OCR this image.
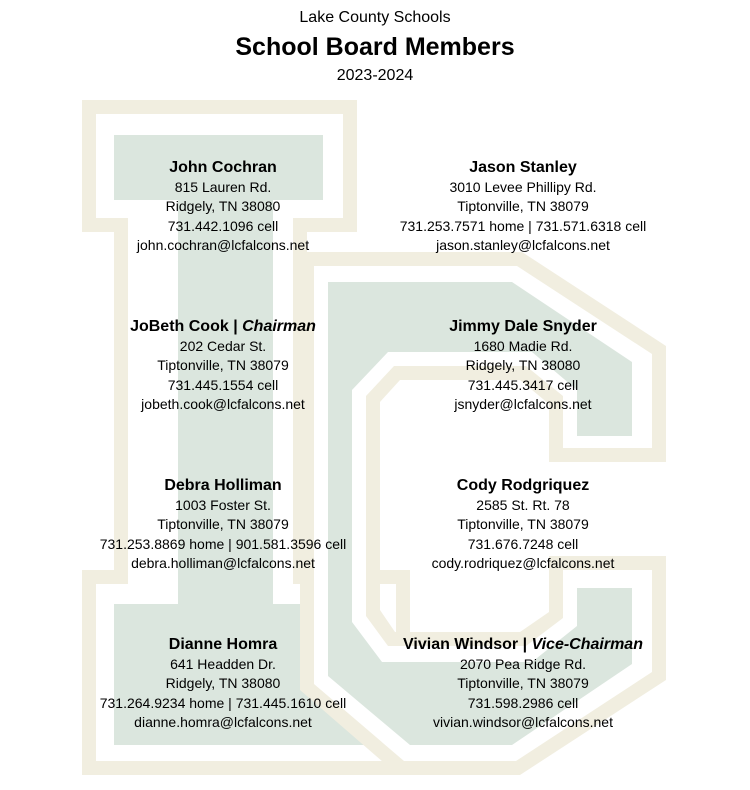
Lake County Schools
School Board Members
2023-2024
John Cochran
815 Lauren Rd.
Ridgely, TN 38080
731.442.1096 cell
john.cochran@lcfalcons.net
Jason Stanley
3010 Levee Phillipy Rd.
Tiptonville, TN 38079
731.253.7571 home | 731.571.6318 cell
jason.stanley@lcfalcons.net
JoBeth Cook | Chairman
202 Cedar St.
Tiptonville, TN 38079
731.445.1554 cell
jobeth.cook@lcfalcons.net
Jimmy Dale Snyder
1680 Madie Rd.
Ridgely, TN 38080
731.445.3417 cell
jsnyder@lcfalcons.net
Debra Holliman
1003 Foster St.
Tiptonville, TN 38079
731.253.8869 home | 901.581.3596 cell
debra.holliman@lcfalcons.net
Cody Rodgriquez
2585 St. Rt. 78
Tiptonville, TN 38079
731.676.7248 cell
cody.rodriquez@lcfalcons.net
Dianne Homra
641 Headden Dr.
Ridgely, TN 38080
731.264.9234 home | 731.445.1610 cell
dianne.homra@lcfalcons.net
Vivian Windsor | Vice-Chairman
2070 Pea Ridge Rd.
Tiptonville, TN 38079
731.598.2986 cell
vivian.windsor@lcfalcons.net
